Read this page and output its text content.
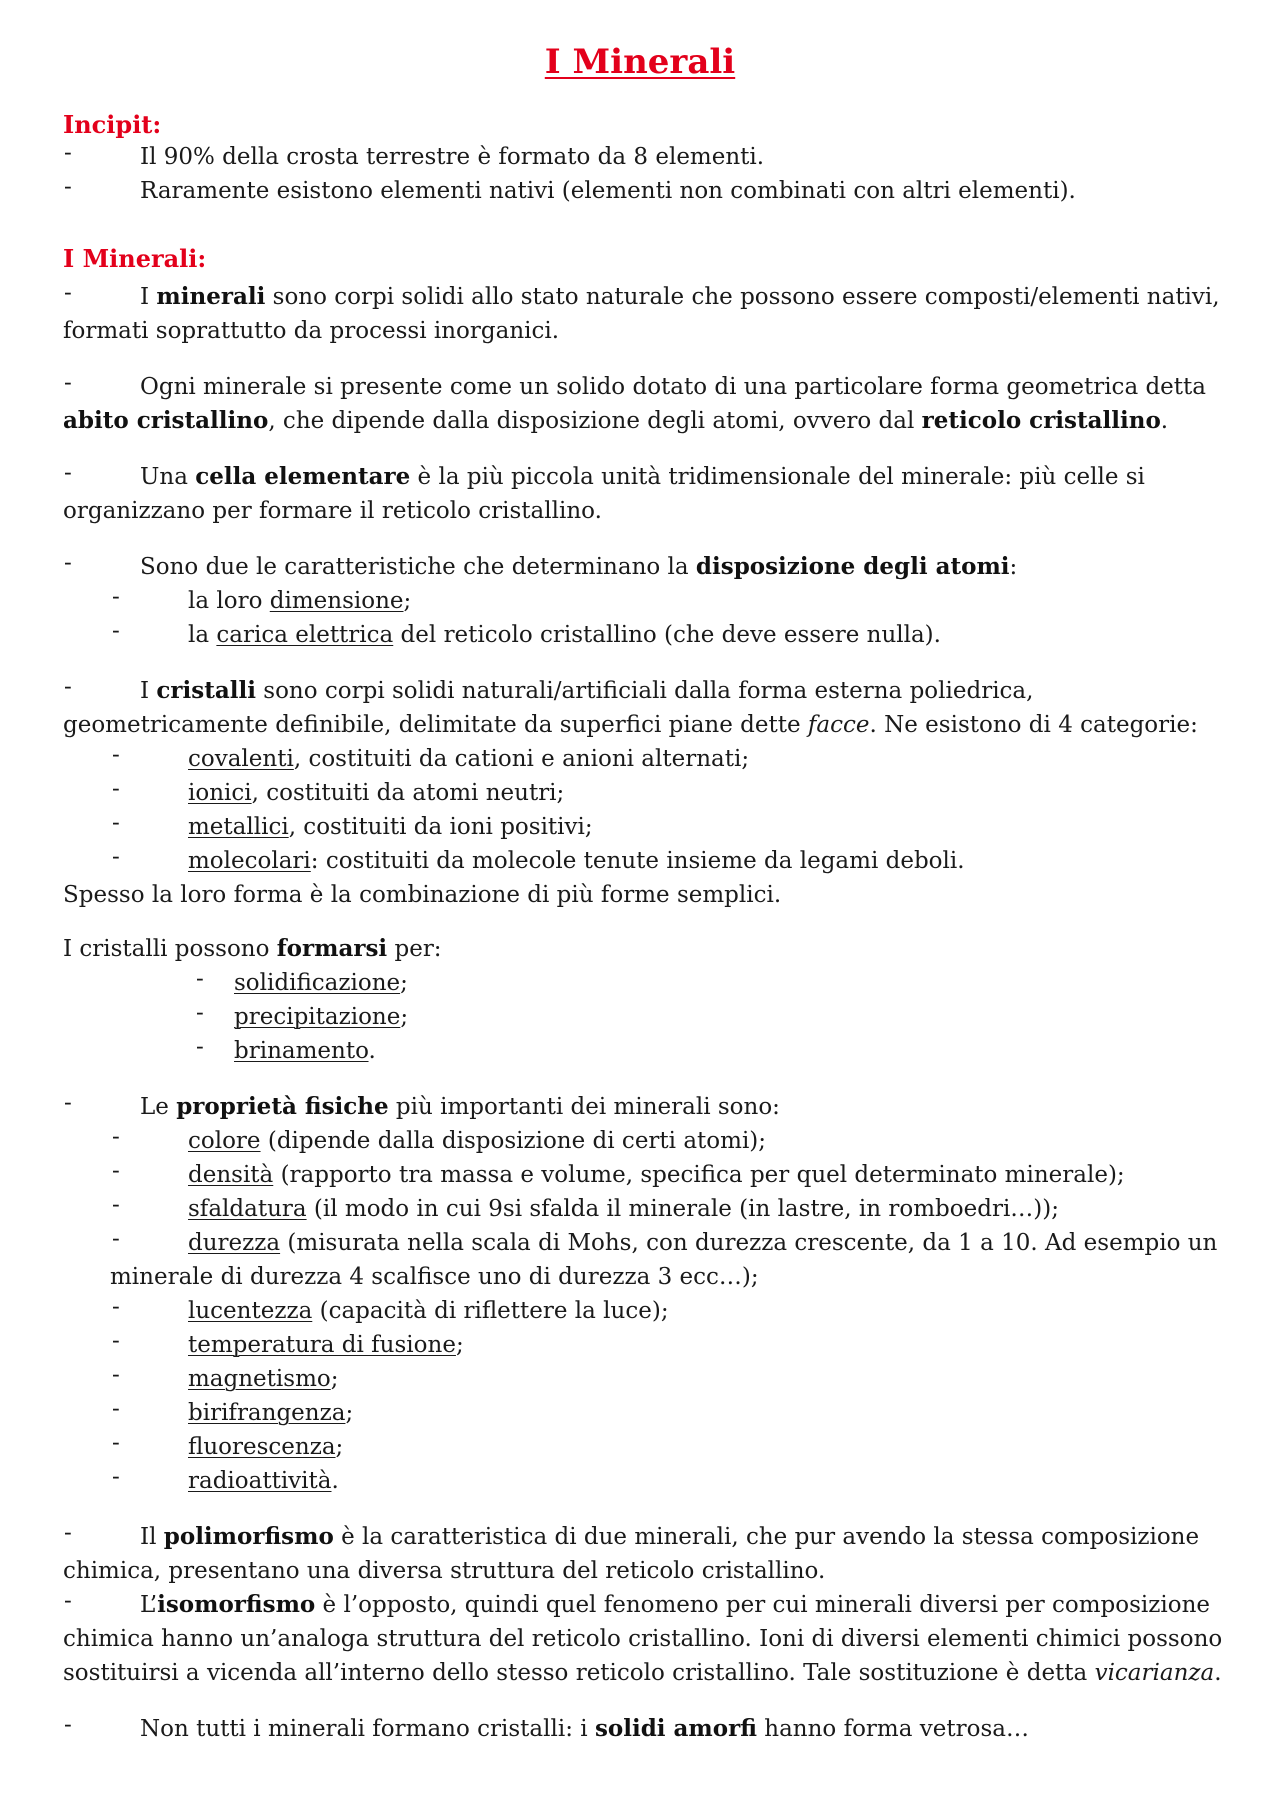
I Minerali
Incipit:
-	Il 90% della crosta terrestre è formato da 8 elementi.
-	Raramente esistono elementi nativi (elementi non combinati con altri elementi).
I Minerali:
-	I minerali sono corpi solidi allo stato naturale che possono essere composti/elementi nativi,
formati soprattutto da processi inorganici.
-	Ogni minerale si presente come un solido dotato di una particolare forma geometrica detta
abito cristallino, che dipende dalla disposizione degli atomi, ovvero dal reticolo cristallino.
-	Una cella elementare è la più piccola unità tridimensionale del minerale: più celle si
organizzano per formare il reticolo cristallino.
-	Sono due le caratteristiche che determinano la disposizione degli atomi:
-	la loro dimensione;
-	la carica elettrica del reticolo cristallino (che deve essere nulla).
-	I cristalli sono corpi solidi naturali/artificiali dalla forma esterna poliedrica,
geometricamente definibile, delimitate da superfici piane dette facce. Ne esistono di 4 categorie:
-	covalenti, costituiti da cationi e anioni alternati;
-	ionici, costituiti da atomi neutri;
-	metallici, costituiti da ioni positivi;
-	molecolari: costituiti da molecole tenute insieme da legami deboli.
Spesso la loro forma è la combinazione di più forme semplici.
I cristalli possono formarsi per:
- solidificazione;
- precipitazione;
- brinamento.
-	Le proprietà fisiche più importanti dei minerali sono:
-	colore (dipende dalla disposizione di certi atomi);
-	densità (rapporto tra massa e volume, specifica per quel determinato minerale);
-	sfaldatura (il modo in cui 9si sfalda il minerale (in lastre, in romboedri…));
-	durezza (misurata nella scala di Mohs, con durezza crescente, da 1 a 10. Ad esempio un
minerale di durezza 4 scalfisce uno di durezza 3 ecc…);
-	lucentezza (capacità di riflettere la luce);
-	temperatura di fusione;
-	magnetismo;
-	birifrangenza;
-	fluorescenza;
-	radioattività.
-	Il polimorfismo è la caratteristica di due minerali, che pur avendo la stessa composizione
chimica, presentano una diversa struttura del reticolo cristallino.
-	L’isomorfismo è l’opposto, quindi quel fenomeno per cui minerali diversi per composizione
chimica hanno un’analoga struttura del reticolo cristallino. Ioni di diversi elementi chimici possono
sostituirsi a vicenda all’interno dello stesso reticolo cristallino. Tale sostituzione è detta vicarianza.
-	Non tutti i minerali formano cristalli: i solidi amorfi hanno forma vetrosa…
